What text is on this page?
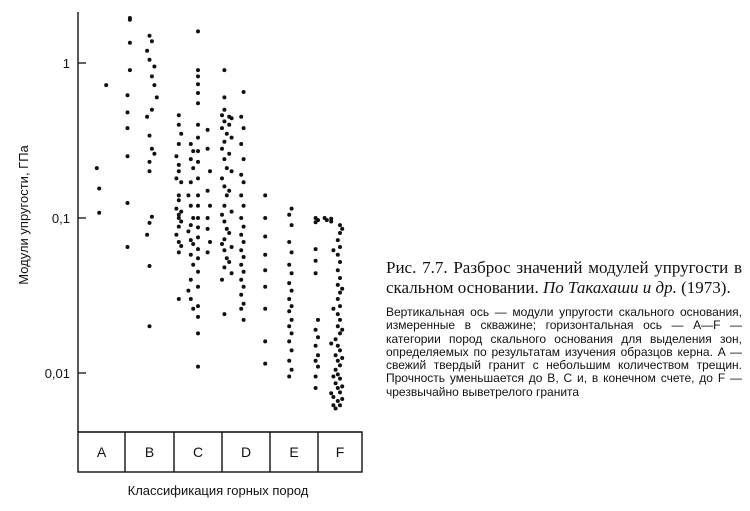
1
0,1
0,01
Модули упругости, ГПа
A	B	C	D	E	F
Классификация горных пород

Рис. 7.7. Разброс значений модулей упругости в скальном основании. По Такахаши и др. (1973).

Вертикальная ось — модули упругости скального основания, измеренные в скважине; горизонтальная ось — A—F — категории пород скального основания для выделения зон, определяемых по результатам изучения образцов керна. A — свежий твердый гранит с небольшим количеством трещин. Прочность уменьшается до B, C и, в конечном счете, до F — чрезвычайно выветрелого гранита
